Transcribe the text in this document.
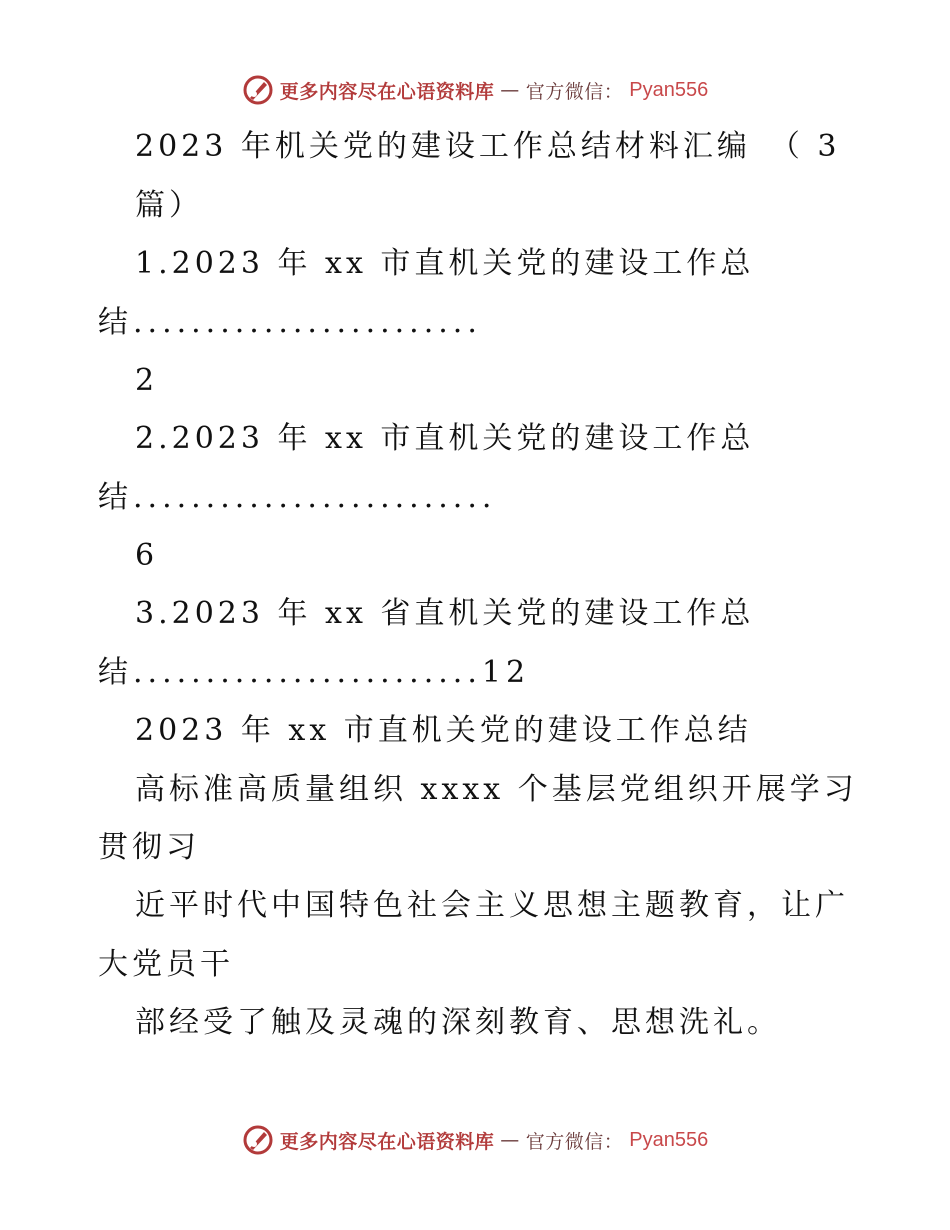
更多内容尽在心语资料库 — 官方微信： Pyan556
2023 年机关党的建设工作总结材料汇编　（ 3
篇）
1.2023 年 xx 市直机关党的建设工作总
结........................
2
2.2023 年 xx 市直机关党的建设工作总
结.........................
6
3.2023 年 xx 省直机关党的建设工作总
结........................12
2023 年 xx 市直机关党的建设工作总结
高标准高质量组织 xxxx 个基层党组织开展学习
贯彻习
近平时代中国特色社会主义思想主题教育，让广
大党员干
部经受了触及灵魂的深刻教育、思想洗礼。
更多内容尽在心语资料库 — 官方微信： Pyan556
